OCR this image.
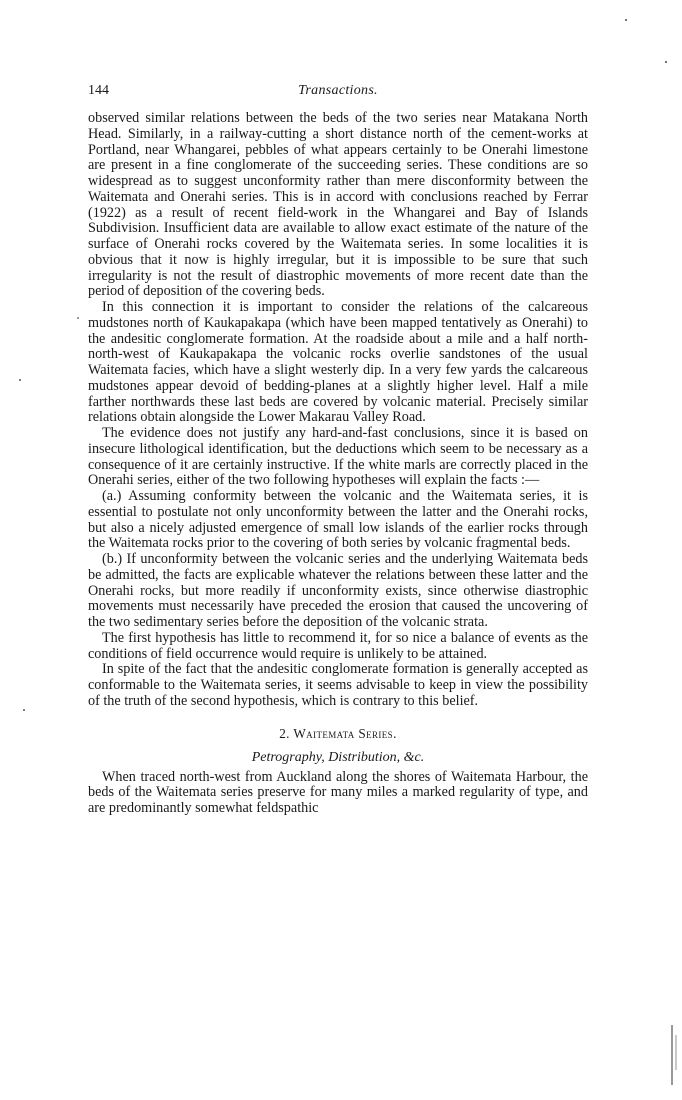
144	Transactions.

observed similar relations between the beds of the two series near Matakana North Head. Similarly, in a railway-cutting a short distance north of the cement-works at Portland, near Whangarei, pebbles of what appears certainly to be Onerahi limestone are present in a fine conglomerate of the succeeding series. These conditions are so widespread as to suggest unconformity rather than mere disconformity between the Waitemata and Onerahi series. This is in accord with conclusions reached by Ferrar (1922) as a result of recent field-work in the Whangarei and Bay of Islands Subdivision. Insufficient data are available to allow exact estimate of the nature of the surface of Onerahi rocks covered by the Waitemata series. In some localities it is obvious that it now is highly irregular, but it is impossible to be sure that such irregularity is not the result of diastrophic movements of more recent date than the period of deposition of the covering beds.

In this connection it is important to consider the relations of the calcareous mudstones north of Kaukapakapa (which have been mapped tentatively as Onerahi) to the andesitic conglomerate formation. At the roadside about a mile and a half north-north-west of Kaukapakapa the volcanic rocks overlie sandstones of the usual Waitemata facies, which have a slight westerly dip. In a very few yards the calcareous mudstones appear devoid of bedding-planes at a slightly higher level. Half a mile farther northwards these last beds are covered by volcanic material. Precisely similar relations obtain alongside the Lower Makarau Valley Road.

The evidence does not justify any hard-and-fast conclusions, since it is based on insecure lithological identification, but the deductions which seem to be necessary as a consequence of it are certainly instructive. If the white marls are correctly placed in the Onerahi series, either of the two following hypotheses will explain the facts :—

(a.) Assuming conformity between the volcanic and the Waitemata series, it is essential to postulate not only unconformity between the latter and the Onerahi rocks, but also a nicely adjusted emergence of small low islands of the earlier rocks through the Waitemata rocks prior to the covering of both series by volcanic fragmental beds.

(b.) If unconformity between the volcanic series and the underlying Waitemata beds be admitted, the facts are explicable whatever the relations between these latter and the Onerahi rocks, but more readily if unconformity exists, since otherwise diastrophic movements must necessarily have preceded the erosion that caused the uncovering of the two sedimentary series before the deposition of the volcanic strata.

The first hypothesis has little to recommend it, for so nice a balance of events as the conditions of field occurrence would require is unlikely to be attained.

In spite of the fact that the andesitic conglomerate formation is generally accepted as conformable to the Waitemata series, it seems advisable to keep in view the possibility of the truth of the second hypothesis, which is contrary to this belief.

2. Waitemata Series.
Petrography, Distribution, &c.

When traced north-west from Auckland along the shores of Waitemata Harbour, the beds of the Waitemata series preserve for many miles a marked regularity of type, and are predominantly somewhat feldspathic
